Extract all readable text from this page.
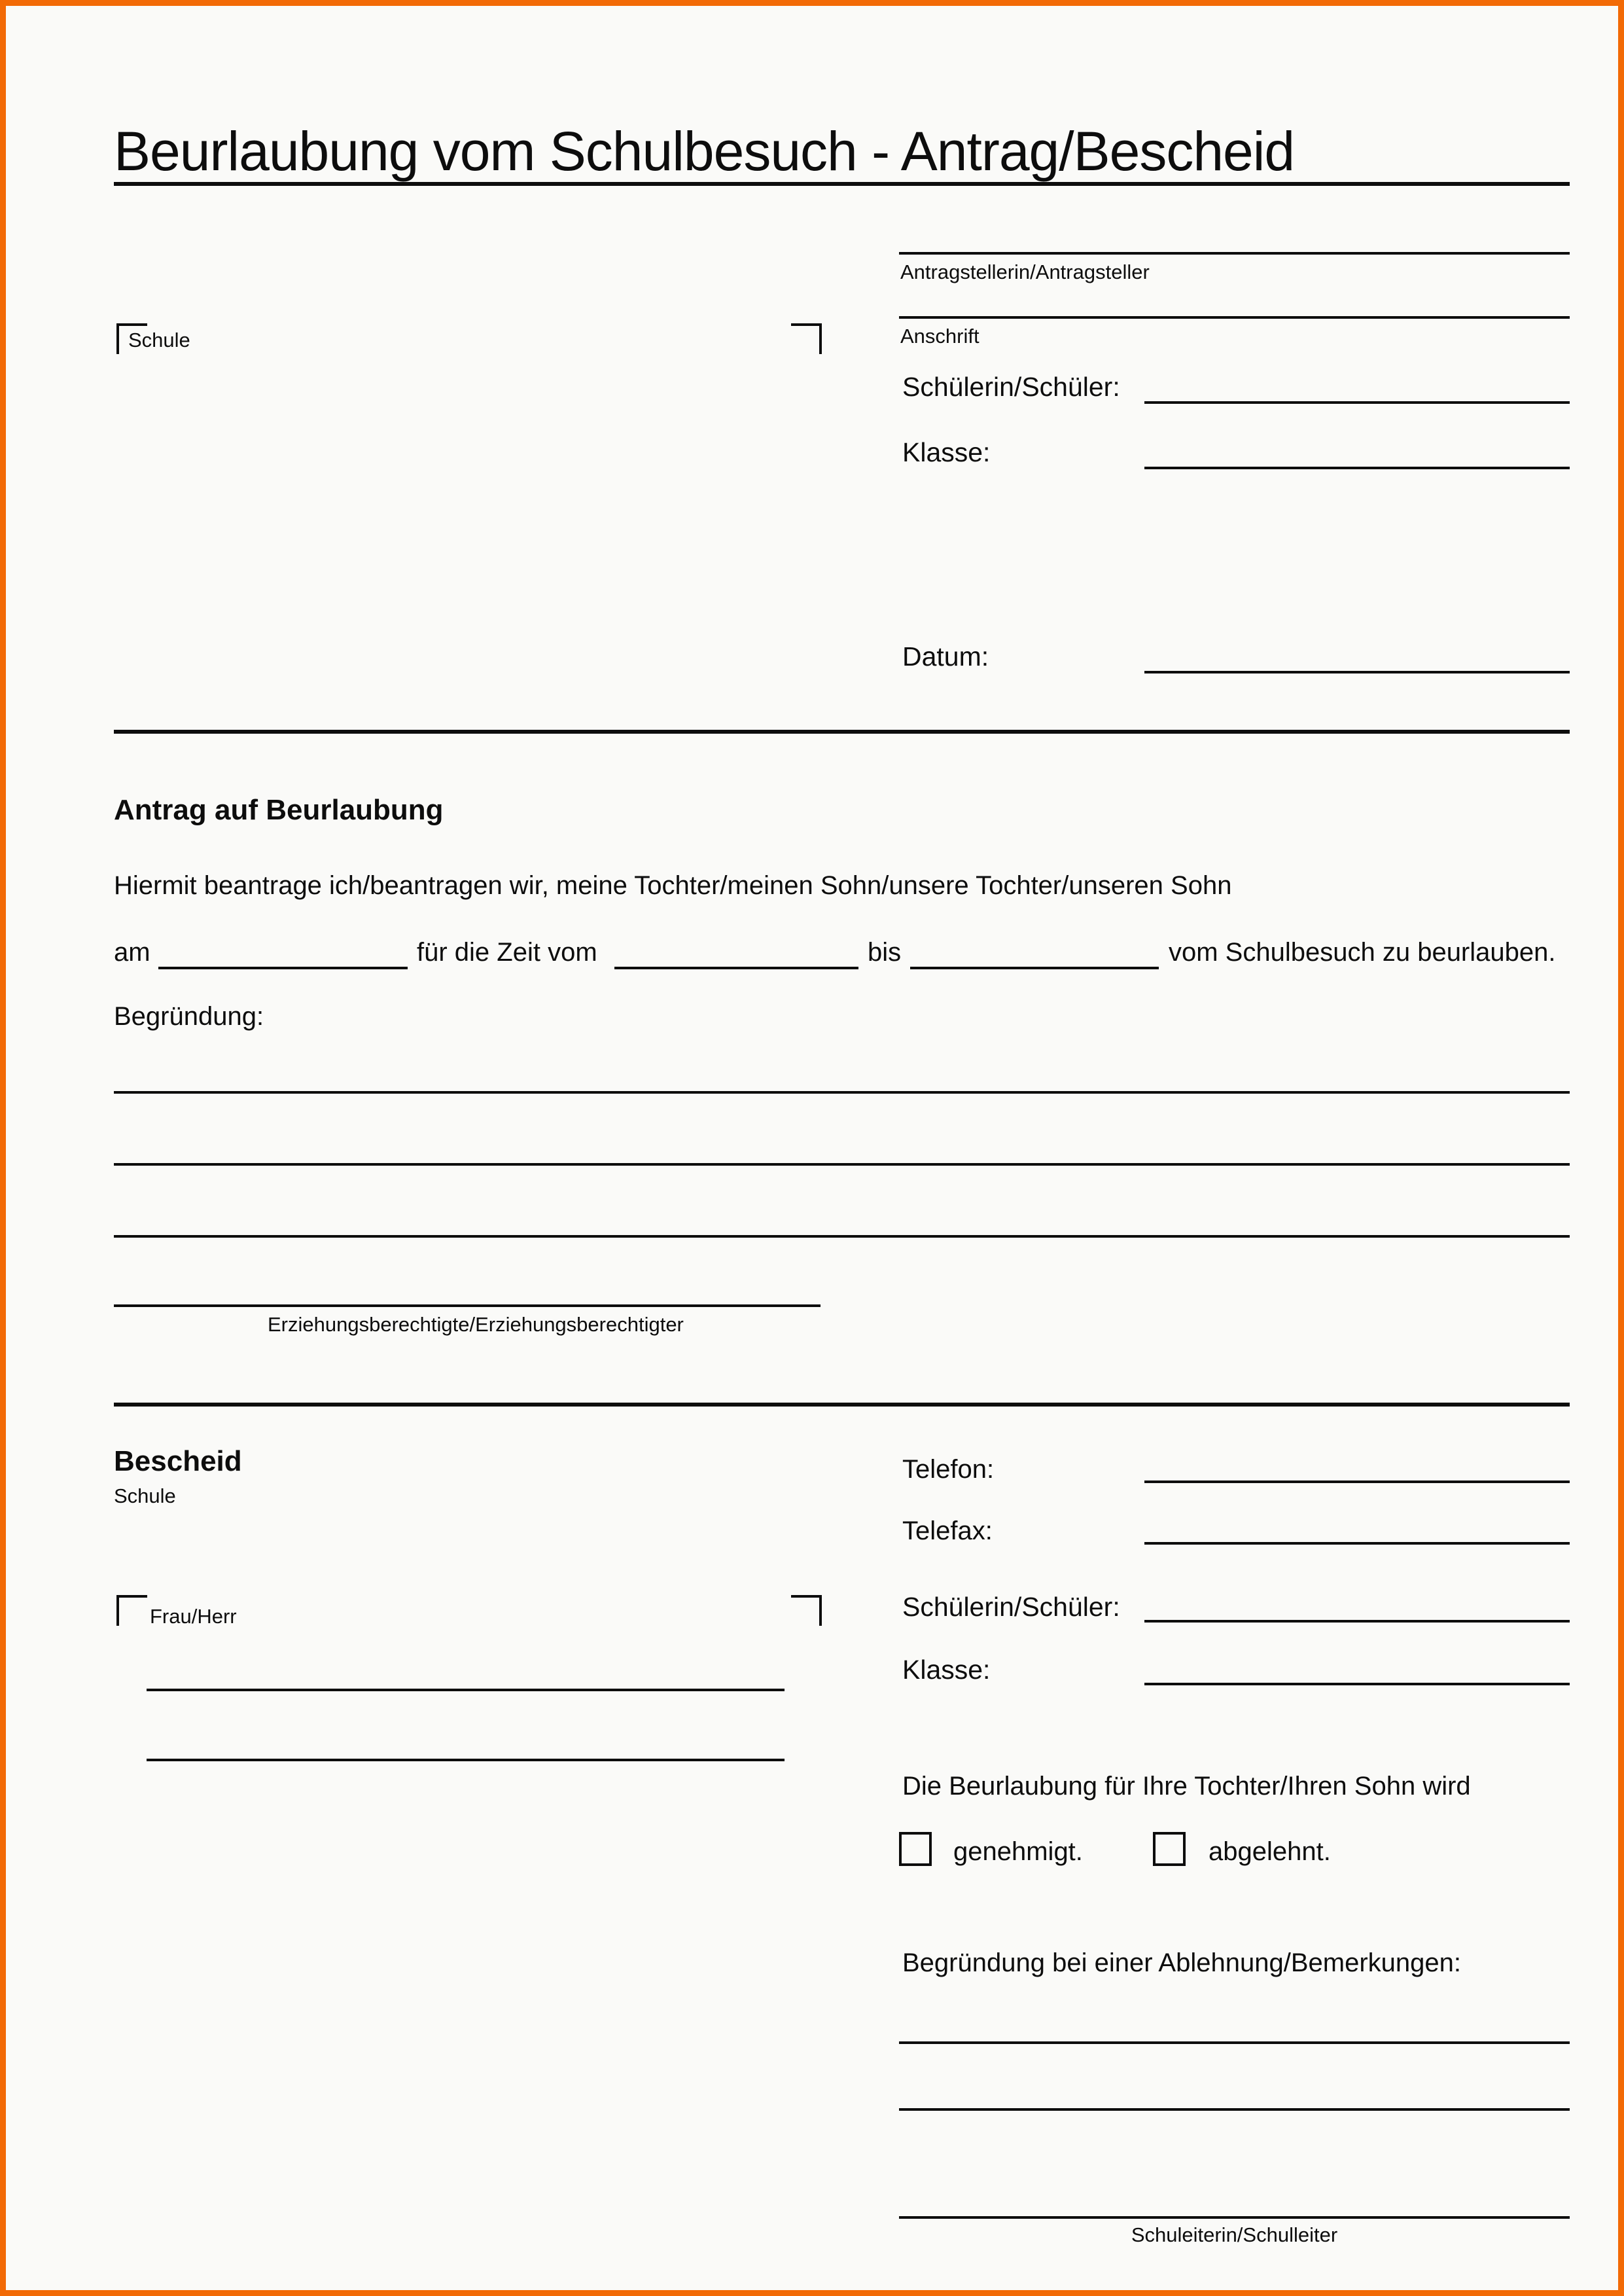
Beurlaubung vom Schulbesuch - Antrag/Bescheid
Antragstellerin/Antragsteller
Anschrift
Schülerin/Schüler:
Klasse:
Datum:
Schule
Antrag auf Beurlaubung
Hiermit beantrage ich/beantragen wir, meine Tochter/meinen Sohn/unsere Tochter/unseren Sohn
am	für die Zeit vom	bis	vom Schulbesuch zu beurlauben.
Begründung:
Erziehungsberechtigte/Erziehungsberechtigter
Bescheid
Schule
Frau/Herr
Telefon:
Telefax:
Schülerin/Schüler:
Klasse:
Die Beurlaubung für Ihre Tochter/Ihren Sohn wird
genehmigt.	abgelehnt.
Begründung bei einer Ablehnung/Bemerkungen:
Schuleiterin/Schulleiter
